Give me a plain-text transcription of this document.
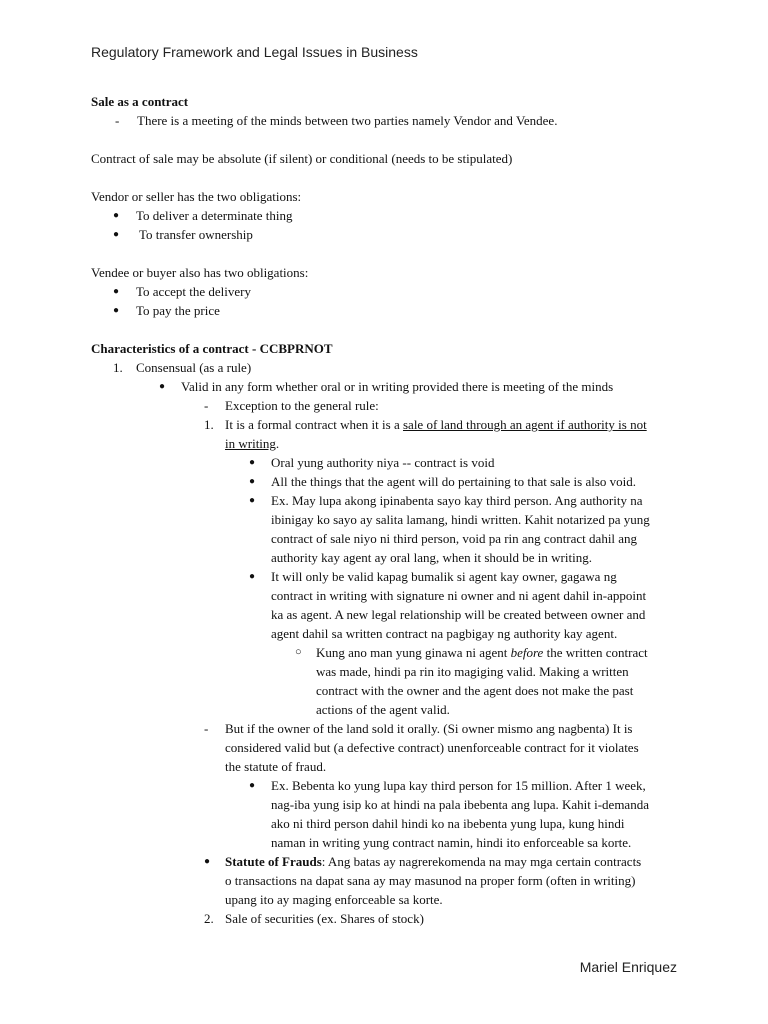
Regulatory Framework and Legal Issues in Business
Sale as a contract
- There is a meeting of the minds between two parties namely Vendor and Vendee.

Contract of sale may be absolute (if silent) or conditional (needs to be stipulated)
Vendor or seller has the two obligations:
● To deliver a determinate thing
● To transfer ownership
Vendee or buyer also has two obligations:
● To accept the delivery
● To pay the price
Characteristics of a contract - CCBPRNOT
1. Consensual (as a rule)
● Valid in any form whether oral or in writing provided there is meeting of the minds
- Exception to the general rule:
1. It is a formal contract when it is a sale of land through an agent if authority is not
in writing.
● Oral yung authority niya -- contract is void
● All the things that the agent will do pertaining to that sale is also void.
● Ex. May lupa akong ipinabenta sayo kay third person. Ang authority na
ibinigay ko sayo ay salita lamang, hindi written. Kahit notarized pa yung
contract of sale niyo ni third person, void pa rin ang contract dahil ang
authority kay agent ay oral lang, when it should be in writing.
● It will only be valid kapag bumalik si agent kay owner, gagawa ng
contract in writing with signature ni owner and ni agent dahil in-appoint
ka as agent. A new legal relationship will be created between owner and
agent dahil sa written contract na pagbigay ng authority kay agent.
○ Kung ano man yung ginawa ni agent before the written contract
was made, hindi pa rin ito magiging valid. Making a written
contract with the owner and the agent does not make the past
actions of the agent valid.
- But if the owner of the land sold it orally. (Si owner mismo ang nagbenta) It is
considered valid but (a defective contract) unenforceable contract for it violates
the statute of fraud.
● Ex. Bebenta ko yung lupa kay third person for 15 million. After 1 week,
nag-iba yung isip ko at hindi na pala ibebenta ang lupa. Kahit i-demanda
ako ni third person dahil hindi ko na ibebenta yung lupa, kung hindi
naman in writing yung contract namin, hindi ito enforceable sa korte.
● Statute of Frauds: Ang batas ay nagrerekomenda na may mga certain contracts
o transactions na dapat sana ay may masunod na proper form (often in writing)
upang ito ay maging enforceable sa korte.
2. Sale of securities (ex. Shares of stock)
Mariel Enriquez
